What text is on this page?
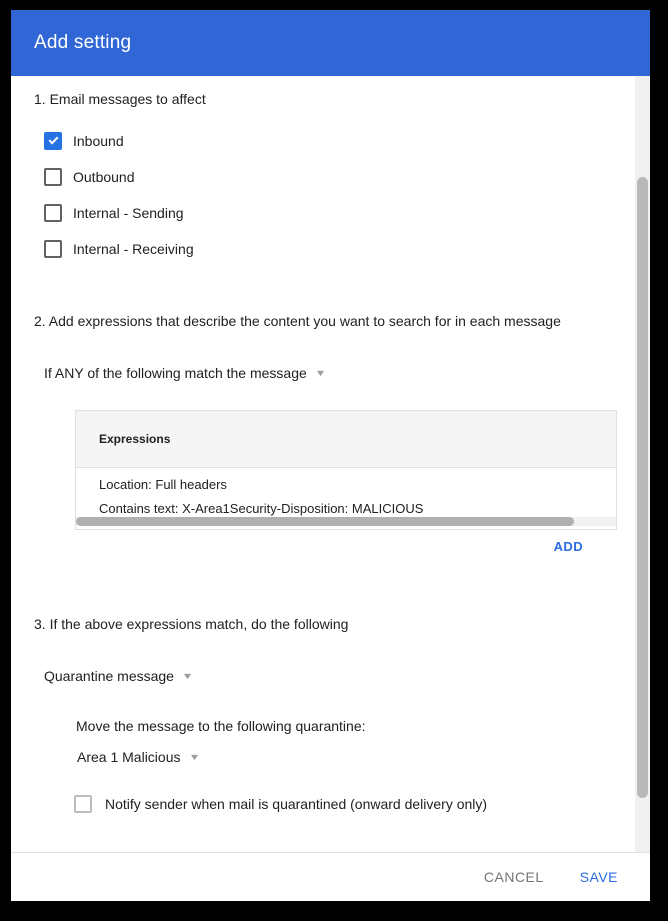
Add setting
1. Email messages to affect
Inbound
Outbound
Internal - Sending
Internal - Receiving
2. Add expressions that describe the content you want to search for in each message
If ANY of the following match the message ▼
Expressions
Location: Full headers
Contains text: X-Area1Security-Disposition: MALICIOUS
ADD
3. If the above expressions match, do the following
Quarantine message ▼
Move the message to the following quarantine:
Area 1 Malicious ▼
Notify sender when mail is quarantined (onward delivery only)
CANCEL	SAVE
